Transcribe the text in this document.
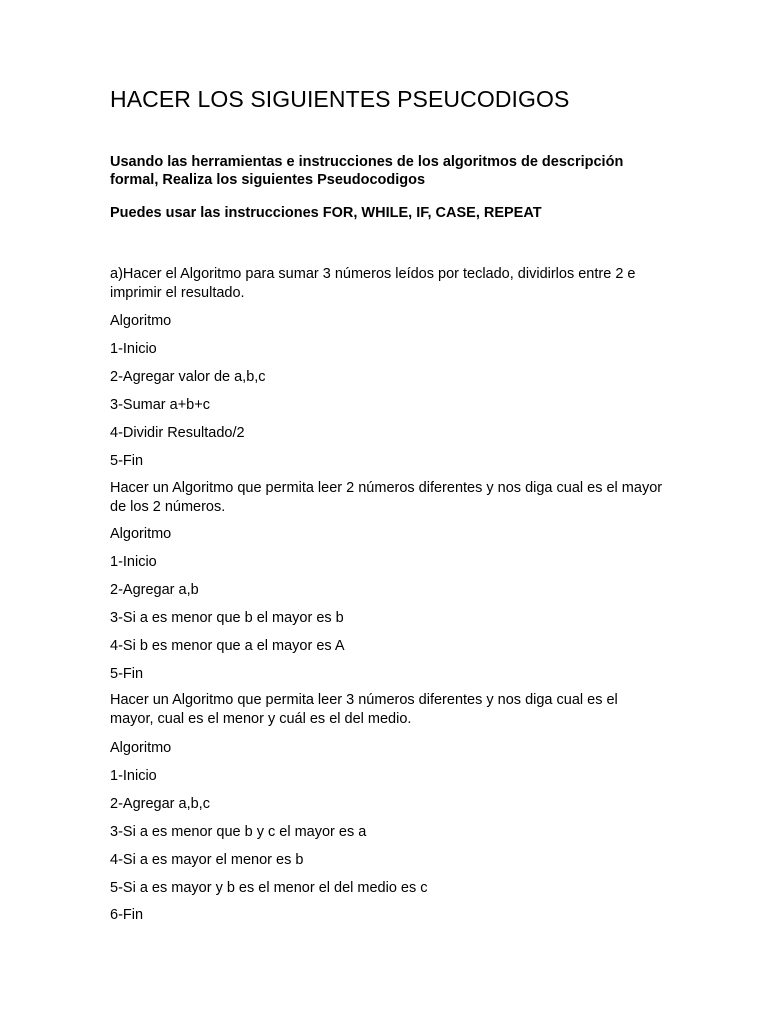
HACER LOS SIGUIENTES PSEUCODIGOS
Usando las herramientas e instrucciones de los algoritmos de descripción formal, Realiza los siguientes Pseudocodigos
Puedes usar las instrucciones FOR, WHILE, IF, CASE, REPEAT
a)Hacer el Algoritmo para sumar 3 números leídos por teclado, dividirlos entre 2 e imprimir el resultado.
Algoritmo
1-Inicio
2-Agregar valor de a,b,c
3-Sumar a+b+c
4-Dividir Resultado/2
5-Fin
Hacer un Algoritmo que permita leer 2 números diferentes y nos diga cual es el mayor de los 2 números.
Algoritmo
1-Inicio
2-Agregar a,b
3-Si a es menor que b el mayor es b
4-Si b es menor que a el mayor es A
5-Fin
Hacer un Algoritmo que permita leer 3 números diferentes y nos diga cual es el mayor, cual es el menor y cuál es el del medio.
Algoritmo
1-Inicio
2-Agregar a,b,c
3-Si a es menor que b y c el mayor es a
4-Si a es mayor el menor es b
5-Si a es mayor y b es el menor el del medio es c
6-Fin
